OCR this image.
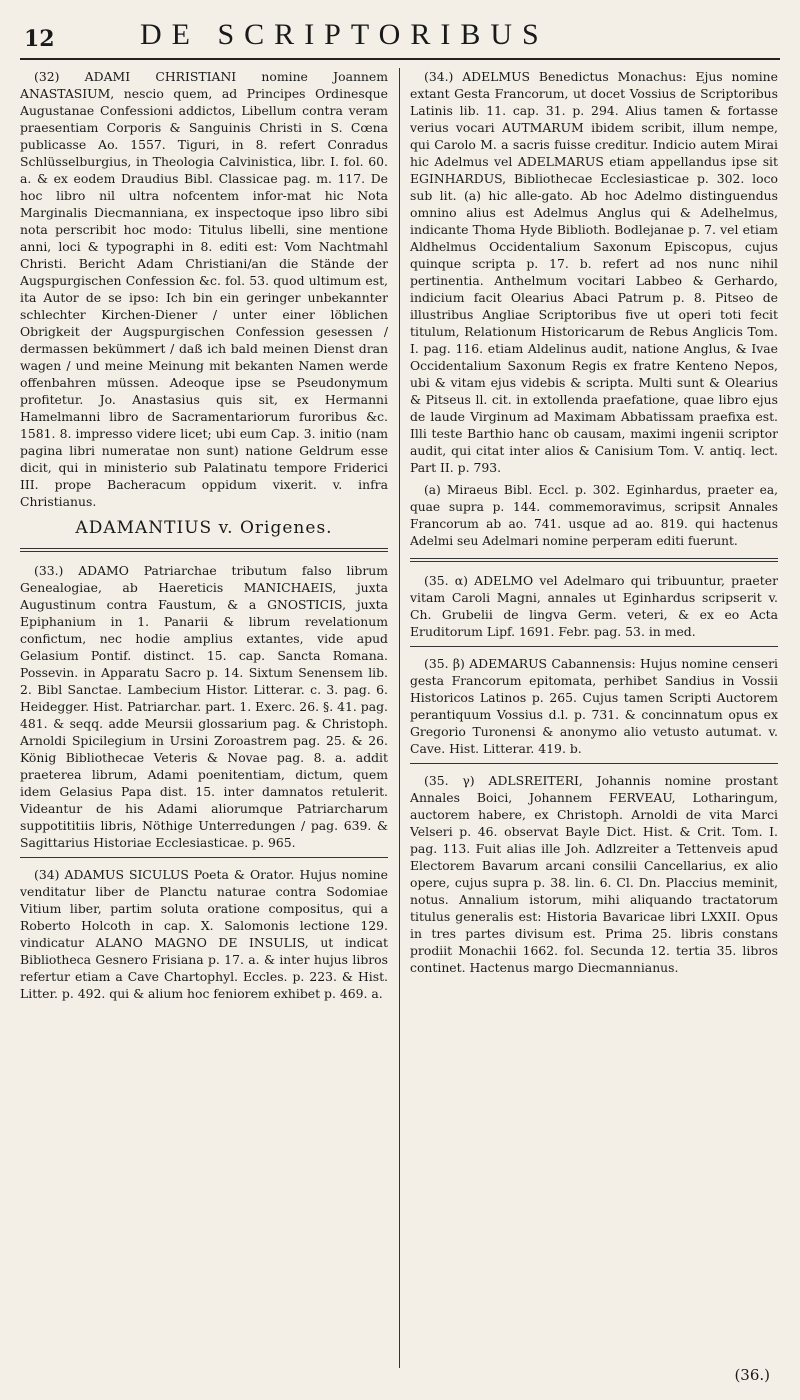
12	DE SCRIPTORIBUS

(32) ADAMI CHRISTIANI nomine Joannem ANASTASIUM, nescio quem, ad Principes Ordinesque Augustanae Confessioni addictos, Libellum contra veram praesentiam Corporis & Sanguinis Christi in S. Cœna publicasse Ao. 1557. Tiguri, in 8. refert Conradus Schlüsselburgius, in Theologia Calvinistica, libr. I. fol. 60. a. & ex eodem Draudius Bibl. Classicae pag. m. 117. De hoc libro nil ultra nofcentem infor-mat hic Nota Marginalis Diecmanniana, ex inspectoque ipso libro sibi nota perscribit hoc modo: Titulus libelli, sine mentione anni, loci & typographi in 8. editi est: Vom Nachtmahl Christi. Bericht Adam Christiani/an die Stände der Augspurgischen Confession &c. fol. 53. quod ultimum est, ita Autor de se ipso: Ich bin ein geringer unbekannter schlechter Kirchen-Diener / unter einer löblichen Obrigkeit der Augspurgischen Confession gesessen / dermassen bekümmert / daß ich bald meinen Dienst dran wagen / und meine Meinung mit bekanten Namen werde offenbahren müssen. Adeoque ipse se Pseudonymum profitetur. Jo. Anastasius quis sit, ex Hermanni Hamelmanni libro de Sacramentariorum furoribus &c. 1581. 8. impresso videre licet; ubi eum Cap. 3. initio (nam pagina libri numeratae non sunt) natione Geldrum esse dicit, qui in ministerio sub Palatinatu tempore Friderici III. prope Bacheracum oppidum vixerit. v. infra Christianus.

ADAMANTIUS v. Origenes.

(33.) ADAMO Patriarchae tributum falso librum Genealogiae, ab Haereticis MANICHAEIS, juxta Augustinum contra Faustum, & a GNOSTICIS, juxta Epiphanium in 1. Panarii & librum revelationum confictum, nec hodie amplius extantes, vide apud Gelasium Pontif. distinct. 15. cap. Sancta Romana. Possevin. in Apparatu Sacro p. 14. Sixtum Senensem lib. 2. Bibl Sanctae. Lambecium Histor. Litterar. c. 3. pag. 6. Heidegger. Hist. Patriarchar. part. 1. Exerc. 26. §. 41. pag. 481. & seqq. adde Meursii glossarium pag. & Christoph. Arnoldi Spicilegium in Ursini Zoroastrem pag. 25. & 26. König Bibliothecae Veteris & Novae pag. 8. a. addit praeterea librum, Adami poenitentiam, dictum, quem idem Gelasius Papa dist. 15. inter damnatos retulerit. Videantur de his Adami aliorumque Patriarcharum suppotititiis libris, Nöthige Unterredungen / pag. 639. & Sagittarius Historiae Ecclesiasticae. p. 965.

(34) ADAMUS SICULUS Poeta & Orator. Hujus nomine venditatur liber de Planctu naturae contra Sodomiae Vitium liber, partim soluta oratione compositus, qui a Roberto Holcoth in cap. X. Salomonis lectione 129. vindicatur ALANO MAGNO DE INSULIS, ut indicat Bibliotheca Gesnero Frisiana p. 17. a. & inter hujus libros refertur etiam a Cave Chartophyl. Eccles. p. 223. & Hist. Litter. p. 492. qui & alium hoc feniorem exhibet p. 469. a.

(34.) ADELMUS Benedictus Monachus: Ejus nomine extant Gesta Francorum, ut docet Vossius de Scriptoribus Latinis lib. 11. cap. 31. p. 294. Alius tamen & fortasse verius vocari AUTMARUM ibidem scribit, illum nempe, qui Carolo M. a sacris fuisse creditur. Indicio autem Mirai hic Adelmus vel ADELMARUS etiam appellandus ipse sit EGINHARDUS, Bibliothecae Ecclesiasticae p. 302. loco sub lit. (a) hic alle-gato. Ab hoc Adelmo distinguendus omnino alius est Adelmus Anglus qui & Adelhelmus, indicante Thoma Hyde Biblioth. Bodlejanae p. 7. vel etiam Aldhelmus Occidentalium Saxonum Episcopus, cujus quinque scripta p. 17. b. refert ad nos nunc nihil pertinentia. Anthelmum vocitari Labbeo & Gerhardo, indicium facit Olearius Abaci Patrum p. 8. Pitseo de illustribus Angliae Scriptoribus five ut operi toti fecit titulum, Relationum Historicarum de Rebus Anglicis Tom. I. pag. 116. etiam Aldelinus audit, natione Anglus, & Ivae Occidentalium Saxonum Regis ex fratre Kenteno Nepos, ubi & vitam ejus videbis & scripta. Multi sunt & Olearius & Pitseus ll. cit. in extollenda praefatione, quae libro ejus de laude Virginum ad Maximam Abbatissam praefixa est. Illi teste Barthio hanc ob causam, maximi ingenii scriptor audit, qui citat inter alios & Canisium Tom. V. antiq. lect. Part II. p. 793.

(a) Miraeus Bibl. Eccl. p. 302. Eginhardus, praeter ea, quae supra p. 144. commemoravimus, scripsit Annales Francorum ab ao. 741. usque ad ao. 819. qui hactenus Adelmi seu Adelmari nomine perperam editi fuerunt.

(35. α) ADELMO vel Adelmaro qui tribuuntur, praeter vitam Caroli Magni, annales ut Eginhardus scripserit v. Ch. Grubelii de lingva Germ. veteri, & ex eo Acta Eruditorum Lipf. 1691. Febr. pag. 53. in med.

(35. β) ADEMARUS Cabannensis: Hujus nomine censeri gesta Francorum epitomata, perhibet Sandius in Vossii Historicos Latinos p. 265. Cujus tamen Scripti Auctorem perantiquum Vossius d.l. p. 731. & concinnatum opus ex Gregorio Turonensi & anonymo alio vetusto autumat. v. Cave. Hist. Litterar. 419. b.

(35. γ) ADLSREITERI, Johannis nomine prostant Annales Boici, Johannem FERVEAU, Lotharingum, auctorem habere, ex Christoph. Arnoldi de vita Marci Velseri p. 46. observat Bayle Dict. Hist. & Crit. Tom. I. pag. 113. Fuit alias ille Joh. Adlzreiter a Tettenveis apud Electorem Bavarum arcani consilii Cancellarius, ex alio opere, cujus supra p. 38. lin. 6. Cl. Dn. Placcius meminit, notus. Annalium istorum, mihi aliquando tractatorum titulus generalis est: Historia Bavaricae libri LXXII. Opus in tres partes divisum est. Prima 25. libris constans prodiit Monachii 1662. fol. Secunda 12. tertia 35. libros continet. Hactenus margo Diecmannianus.

(36.)
